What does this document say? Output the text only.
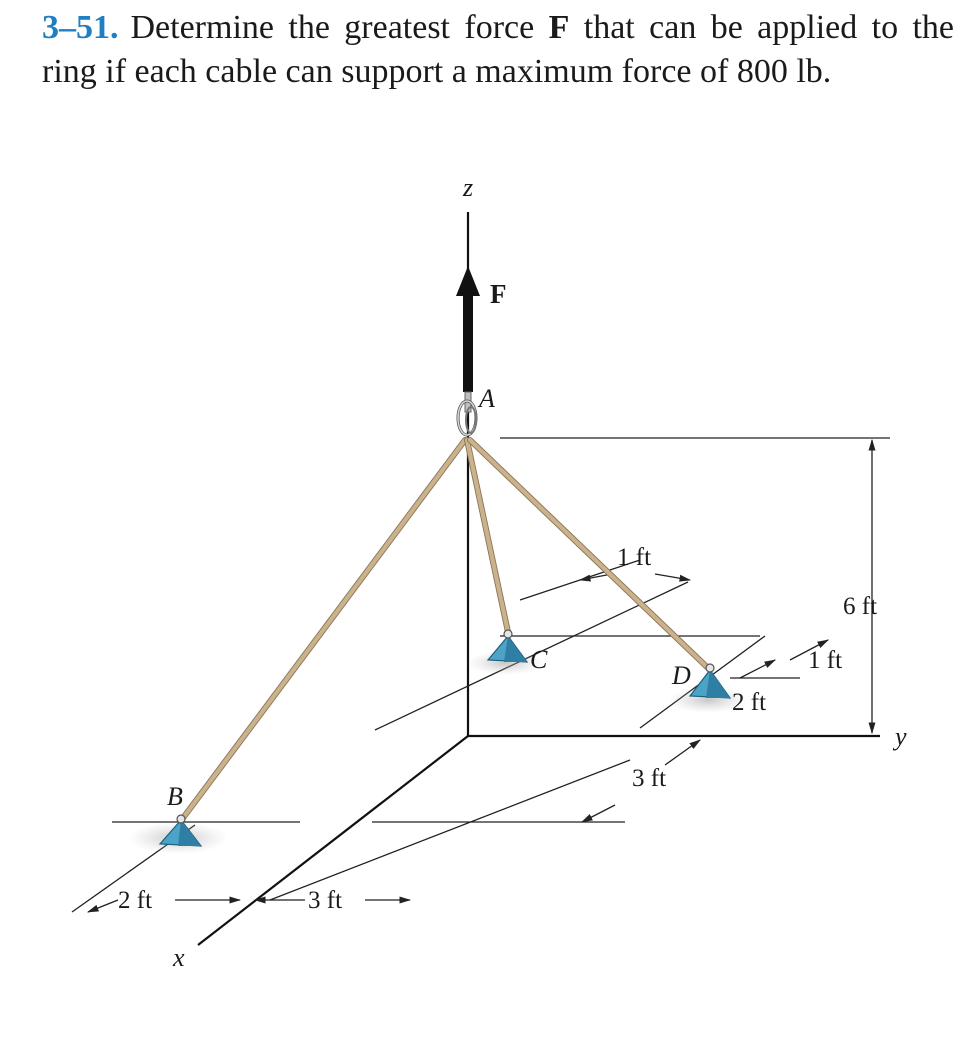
3–51. Determine the greatest force F that can be applied to the ring if each cable can support a maximum force of 800 lb.
z
y
x
F
A
B
C
D
1 ft
6 ft
1 ft
2 ft
3 ft
2 ft	3 ft
